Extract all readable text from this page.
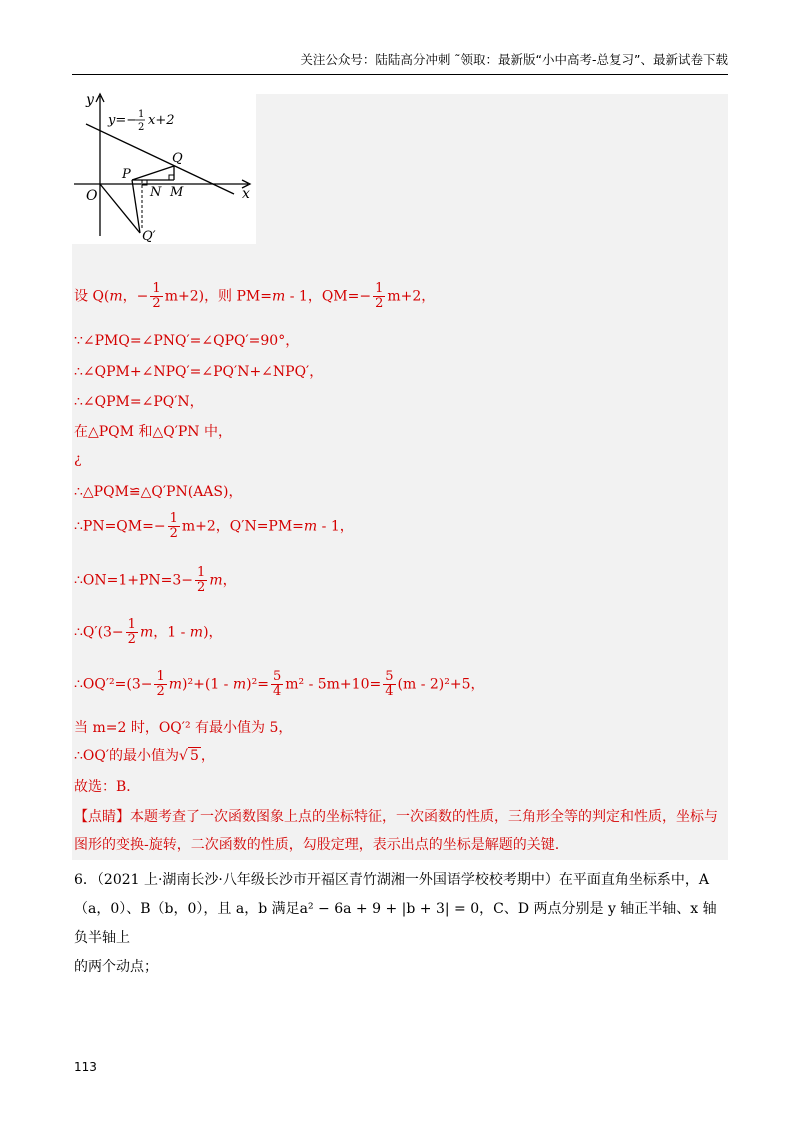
关注公众号：陆陆高分冲刺 ˜领取：最新版“小中高考-总复习”、最新试卷下载
y
x
O
P
Q
N M
Q′
y=− 1
2 x+2
设 Q(m，− $\frac{1}{2} m+2$)，则 PM=m ‐ 1，$QM=- \frac{1}{2} m+2$，
∵∠PMQ=∠PNQ′=∠QPQ′=90°，
∴∠QPM+∠NPQ′=∠PQ′N+∠NPQ′，
∴∠QPM=∠PQ′N，
在△PQM 和△Q′PN 中，
¿
∴△PQM≌△Q′PN(AAS)，
∴PN=QM=− $\frac{1}{2} m+2$，Q′N=PM=m ‐ 1，
∴ON=1+PN=3− $\frac{1}{2}$ m，
∴Q′(3− $\frac{1}{2}$ m，1 ‐ m)，
∴OQ′²=(3− $\frac{1}{2} m)^2+(1$ ‐ $m)^2= \frac{5}{4} m^2$ ‐ $5m+10= \frac{5}{4} (m$ ‐ 2)²+5，
当 m=2 时，OQ′² 有最小值为 5，
∴OQ′的最小值为√ 5 ，
故选：B．
【点睛】本题考查了一次函数图象上点的坐标特征，一次函数的性质，三角形全等的判定和性质，坐标与
图形的变换-旋转，二次函数的性质，勾股定理，表示出点的坐标是解题的关键.
6．（2021 上·湖南长沙·八年级长沙市开福区青竹湖湘一外国语学校校考期中）在平面直角坐标系中，A
（a，0）、B（b，0），且 a，b 满足a² − 6a + 9 + |b + 3| = 0，C、D 两点分别是 y 轴正半轴、x 轴负半轴上
的两个动点；
113
